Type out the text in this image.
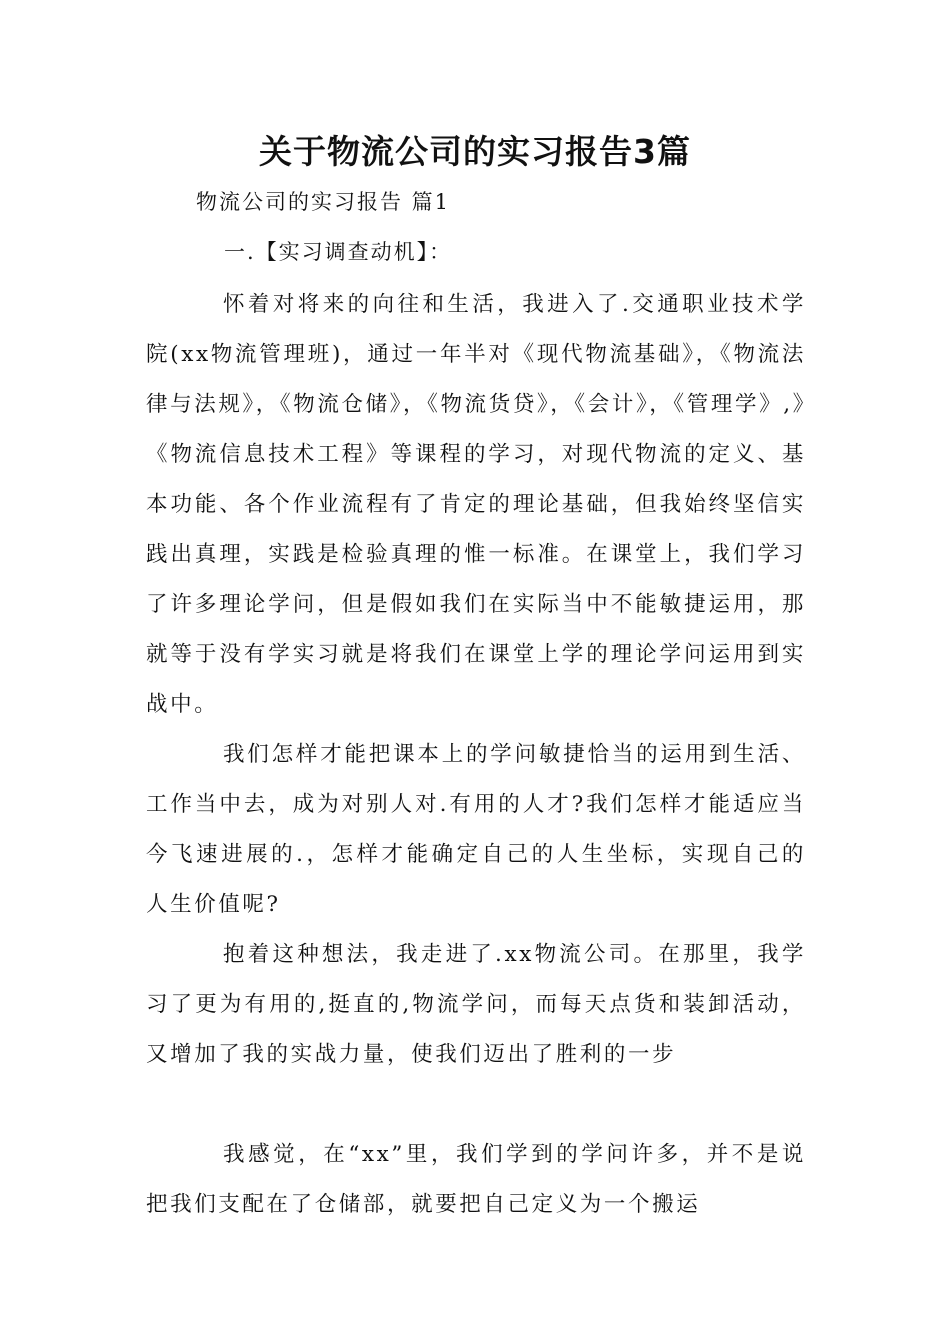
关于物流公司的实习报告3篇

物流公司的实习报告 篇1

一.【实习调查动机】：

怀着对将来的向往和生活，我进入了.交通职业技术学院(xx物流管理班)，通过一年半对《现代物流基础》，《物流法律与法规》，《物流仓储》，《物流货贷》，《会计》，《管理学》,》《物流信息技术工程》等课程的学习，对现代物流的定义、基本功能、各个作业流程有了肯定的理论基础，但我始终坚信实践出真理，实践是检验真理的惟一标准。在课堂上，我们学习了许多理论学问，但是假如我们在实际当中不能敏捷运用，那就等于没有学实习就是将我们在课堂上学的理论学问运用到实战中。

我们怎样才能把课本上的学问敏捷恰当的运用到生活、工作当中去，成为对别人对.有用的人才?我们怎样才能适应当今飞速进展的.，怎样才能确定自己的人生坐标，实现自己的人生价值呢?

抱着这种想法，我走进了.xx物流公司。在那里，我学习了更为有用的,挺直的,物流学问，而每天点货和装卸活动，又增加了我的实战力量，使我们迈出了胜利的一步

我感觉，在“xx”里，我们学到的学问许多，并不是说把我们支配在了仓储部，就要把自己定义为一个搬运
